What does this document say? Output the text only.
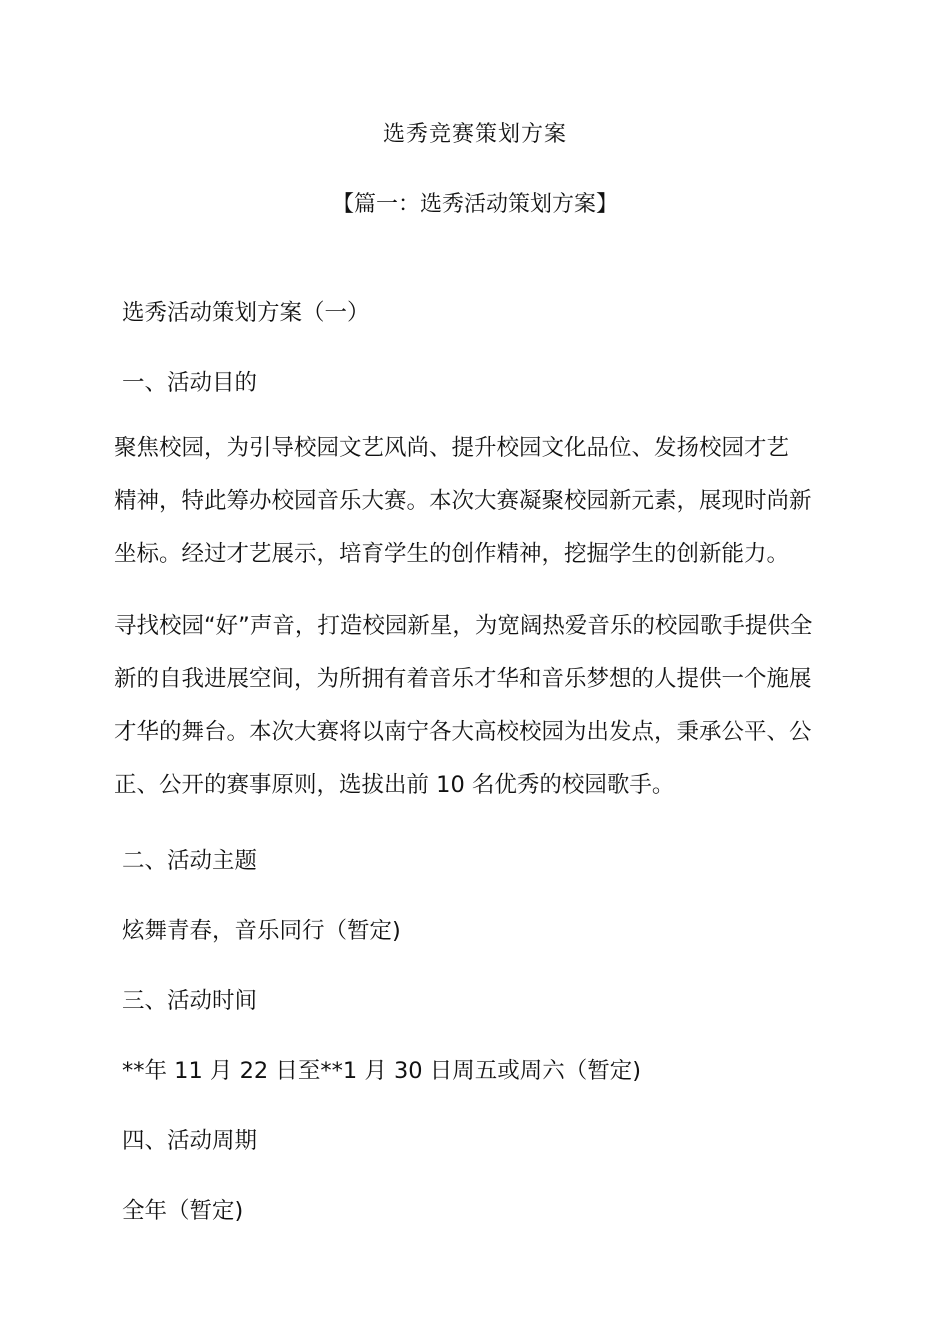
选秀竞赛策划方案
【篇一：选秀活动策划方案】
选秀活动策划方案（一）
一、活动目的
聚焦校园，为引导校园文艺风尚、提升校园文化品位、发扬校园才艺
精神，特此筹办校园音乐大赛。本次大赛凝聚校园新元素，展现时尚新
坐标。经过才艺展示，培育学生的创作精神，挖掘学生的创新能力。
寻找校园“好”声音，打造校园新星，为宽阔热爱音乐的校园歌手提供全
新的自我进展空间，为所拥有着音乐才华和音乐梦想的人提供一个施展
才华的舞台。本次大赛将以南宁各大高校校园为出发点，秉承公平、公
正、公开的赛事原则，选拔出前 10 名优秀的校园歌手。
二、活动主题
炫舞青春，音乐同行（暂定)
三、活动时间
**年 11 月 22 日至**1 月 30 日周五或周六（暂定)
四、活动周期
全年（暂定)
